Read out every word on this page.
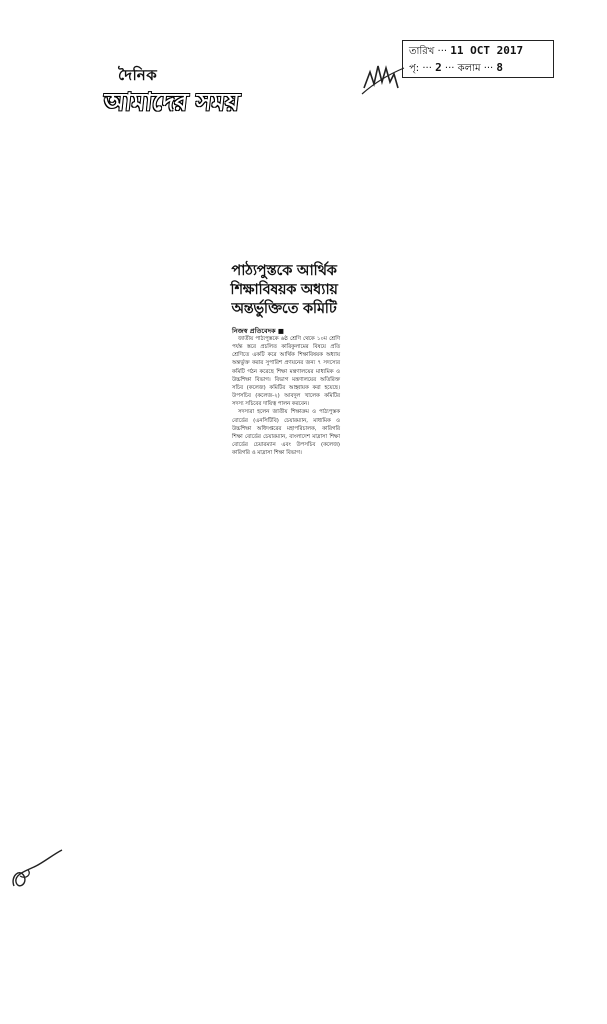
দৈনিক
আমাদের সময়
তারিখ ··· 11 OCT 2017
পৃ: ··· 2 ··· কলাম ··· 8
পাঠ্যপুস্তকে আর্থিক
শিক্ষাবিষয়ক অধ্যায়
অন্তর্ভুক্তিতে কমিটি
নিজস্ব প্রতিবেদক ■

জাতীয় পাঠ্যপুস্তকে ৬ষ্ঠ শ্রেণি থেকে ১০ম শ্রেণি পর্যন্ত স্তরে প্রচলিত কারিকুলামের বিষয়ে প্রতি শ্রেণিতে একটি করে আর্থিক শিক্ষাবিষয়ক অধ্যায় অন্তর্ভুক্ত করার সুপারিশ প্রণয়নের জন্য ৭ সদস্যের কমিটি গঠন করেছে শিক্ষা মন্ত্রণালয়ের মাধ্যমিক ও উচ্চশিক্ষা বিভাগ। বিভাগ মন্ত্রণালয়ের অতিরিক্ত সচিব (কলেজ) কমিটির আহ্বায়ক করা হয়েছে। উপসচিব (কলেজ-২) আবদুল খালেক কমিটির সদস্য সচিবের দায়িত্ব পালন করবেন।

সদস্যরা হলেন জাতীয় শিক্ষাক্রম ও পাঠ্যপুস্তক বোর্ডের (এনসিটিবি) চেয়ারম্যান, মাধ্যমিক ও উচ্চশিক্ষা অধিদপ্তরের মহাপরিচালক, কারিগরি শিক্ষা বোর্ডের চেয়ারম্যান, বাংলাদেশ মাদ্রাসা শিক্ষা বোর্ডের চেয়ারম্যান এবং উপসচিব (কলেজ) কারিগরি ও মাদ্রাসা শিক্ষা বিভাগ।
